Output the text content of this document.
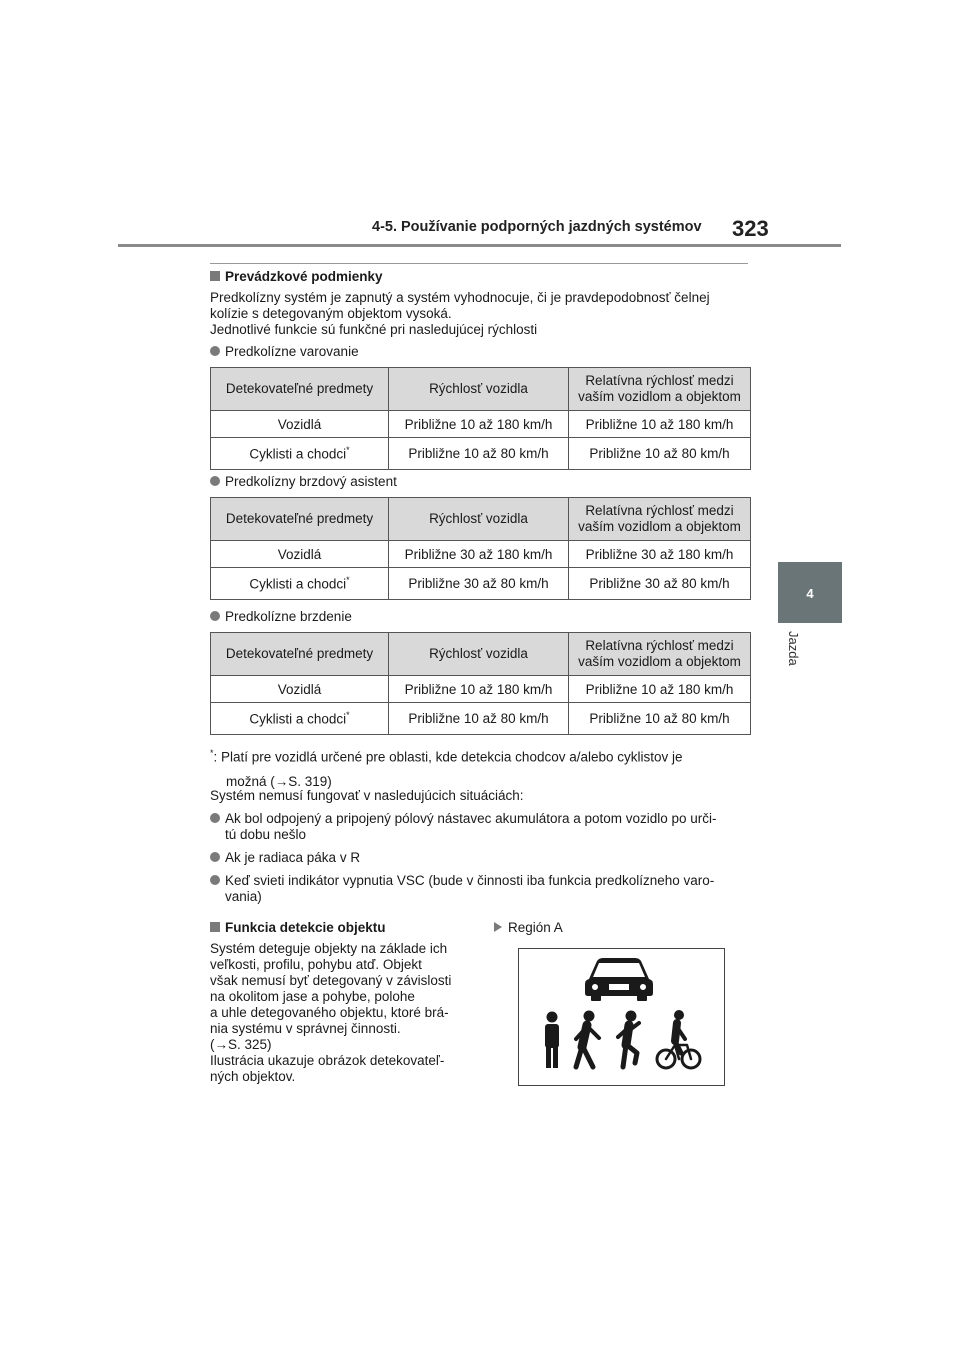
4-5. Používanie podporných jazdných systémov 323
4
Jazda
Prevádzkové podmienky
Predkolízny systém je zapnutý a systém vyhodnocuje, či je pravdepodobnosť čelnej
kolízie s detegovaným objektom vysoká.
Jednotlivé funkcie sú funkčné pri nasledujúcej rýchlosti
Predkolízne varovanie
Detekovateľné predmety	Rýchlosť vozidla	Relatívna rýchlosť medzi
vaším vozidlom a objektom

Vozidlá	Približne 10 až 180 km/h	Približne 10 až 180 km/h
Cyklisti a chodci*	Približne 10 až 80 km/h	Približne 10 až 80 km/h
Predkolízny brzdový asistent
Detekovateľné predmety	Rýchlosť vozidla	Relatívna rýchlosť medzi
vaším vozidlom a objektom

Vozidlá	Približne 30 až 180 km/h	Približne 30 až 180 km/h
Cyklisti a chodci*	Približne 30 až 80 km/h	Približne 30 až 80 km/h
Predkolízne brzdenie
Detekovateľné predmety	Rýchlosť vozidla	Relatívna rýchlosť medzi
vaším vozidlom a objektom

Vozidlá	Približne 10 až 180 km/h	Približne 10 až 180 km/h
Cyklisti a chodci*	Približne 10 až 80 km/h	Približne 10 až 80 km/h
*: Platí pre vozidlá určené pre oblasti, kde detekcia chodcov a/alebo cyklistov je
možná (→S. 319)
Systém nemusí fungovať v nasledujúcich situáciách:
Ak bol odpojený a pripojený pólový nástavec akumulátora a potom vozidlo po urči-
tú dobu nešlo
Ak je radiaca páka v R
Keď svieti indikátor vypnutia VSC (bude v činnosti iba funkcia predkolízneho varo-
vania)
Funkcia detekcie objektu
Systém deteguje objekty na základe ich
veľkosti, profilu, pohybu atď. Objekt
však nemusí byť detegovaný v závislosti
na okolitom jase a pohybe, polohe
a uhle detegovaného objektu, ktoré brá-
nia systému v správnej činnosti.
(→S. 325)
Ilustrácia ukazuje obrázok detekovateľ-
ných objektov.
Región A
